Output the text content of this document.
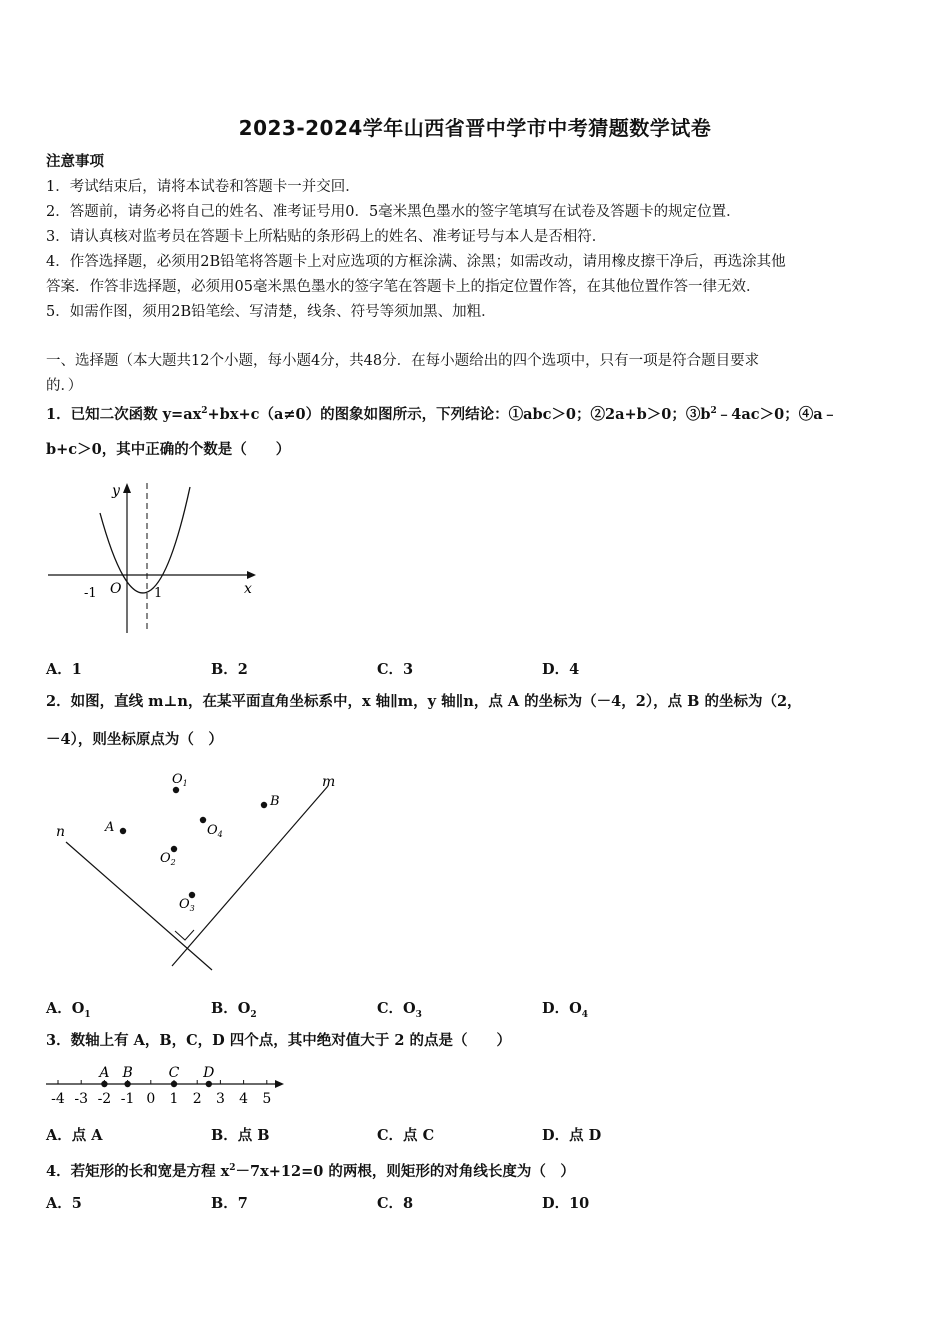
2023-2024学年山西省晋中学市中考猜题数学试卷
注意事项
1．考试结束后，请将本试卷和答题卡一并交回．
2．答题前，请务必将自己的姓名、准考证号用0．5毫米黑色墨水的签字笔填写在试卷及答题卡的规定位置．
3．请认真核对监考员在答题卡上所粘贴的条形码上的姓名、准考证号与本人是否相符．
4．作答选择题，必须用2B铅笔将答题卡上对应选项的方框涂满、涂黑；如需改动，请用橡皮擦干净后，再选涂其他
答案．作答非选择题，必须用05毫米黑色墨水的签字笔在答题卡上的指定位置作答，在其他位置作答一律无效．
5．如需作图，须用2B铅笔绘、写清楚，线条、符号等须加黑、加粗．
一、选择题（本大题共12个小题，每小题4分，共48分．在每小题给出的四个选项中，只有一项是符合题目要求
的．）
1．已知二次函数 $y=ax^2+bx+c(a\ne 0)$的图象如图所示，下列结论：①abc＞0；②2a+b＞0；$③b^2﹣4ac>0$；④a﹣
b+c＞0，其中正确的个数是（　　）
y
x
O
-1	1
A．1	B．2	C．3	D．4
2．如图，直线 m⊥n，在某平面直角坐标系中，x 轴∥m，y 轴∥n，点 A 的坐标为（－4，2），点 B 的坐标为（2，
－4），则坐标原点为（　）
n
m
A
B
$O_1$
$O_4$
$O_2$
$O_3$
A．$O_1$	B．$O_2$	C．$O_3$	D．$O_4$
3．数轴上有 A，B，C，D 四个点，其中绝对值大于 2 的点是（　　）
-4 -3 -2 -1 0 1 2 3 4 5
A B	C D
A．点 A	B．点 B	C．点 C	D．点 D
4．若矩形的长和宽是方程 $x^2-7x+12=0$ 的两根，则矩形的对角线长度为（　）
A．5	B．7	C．8	D．10
